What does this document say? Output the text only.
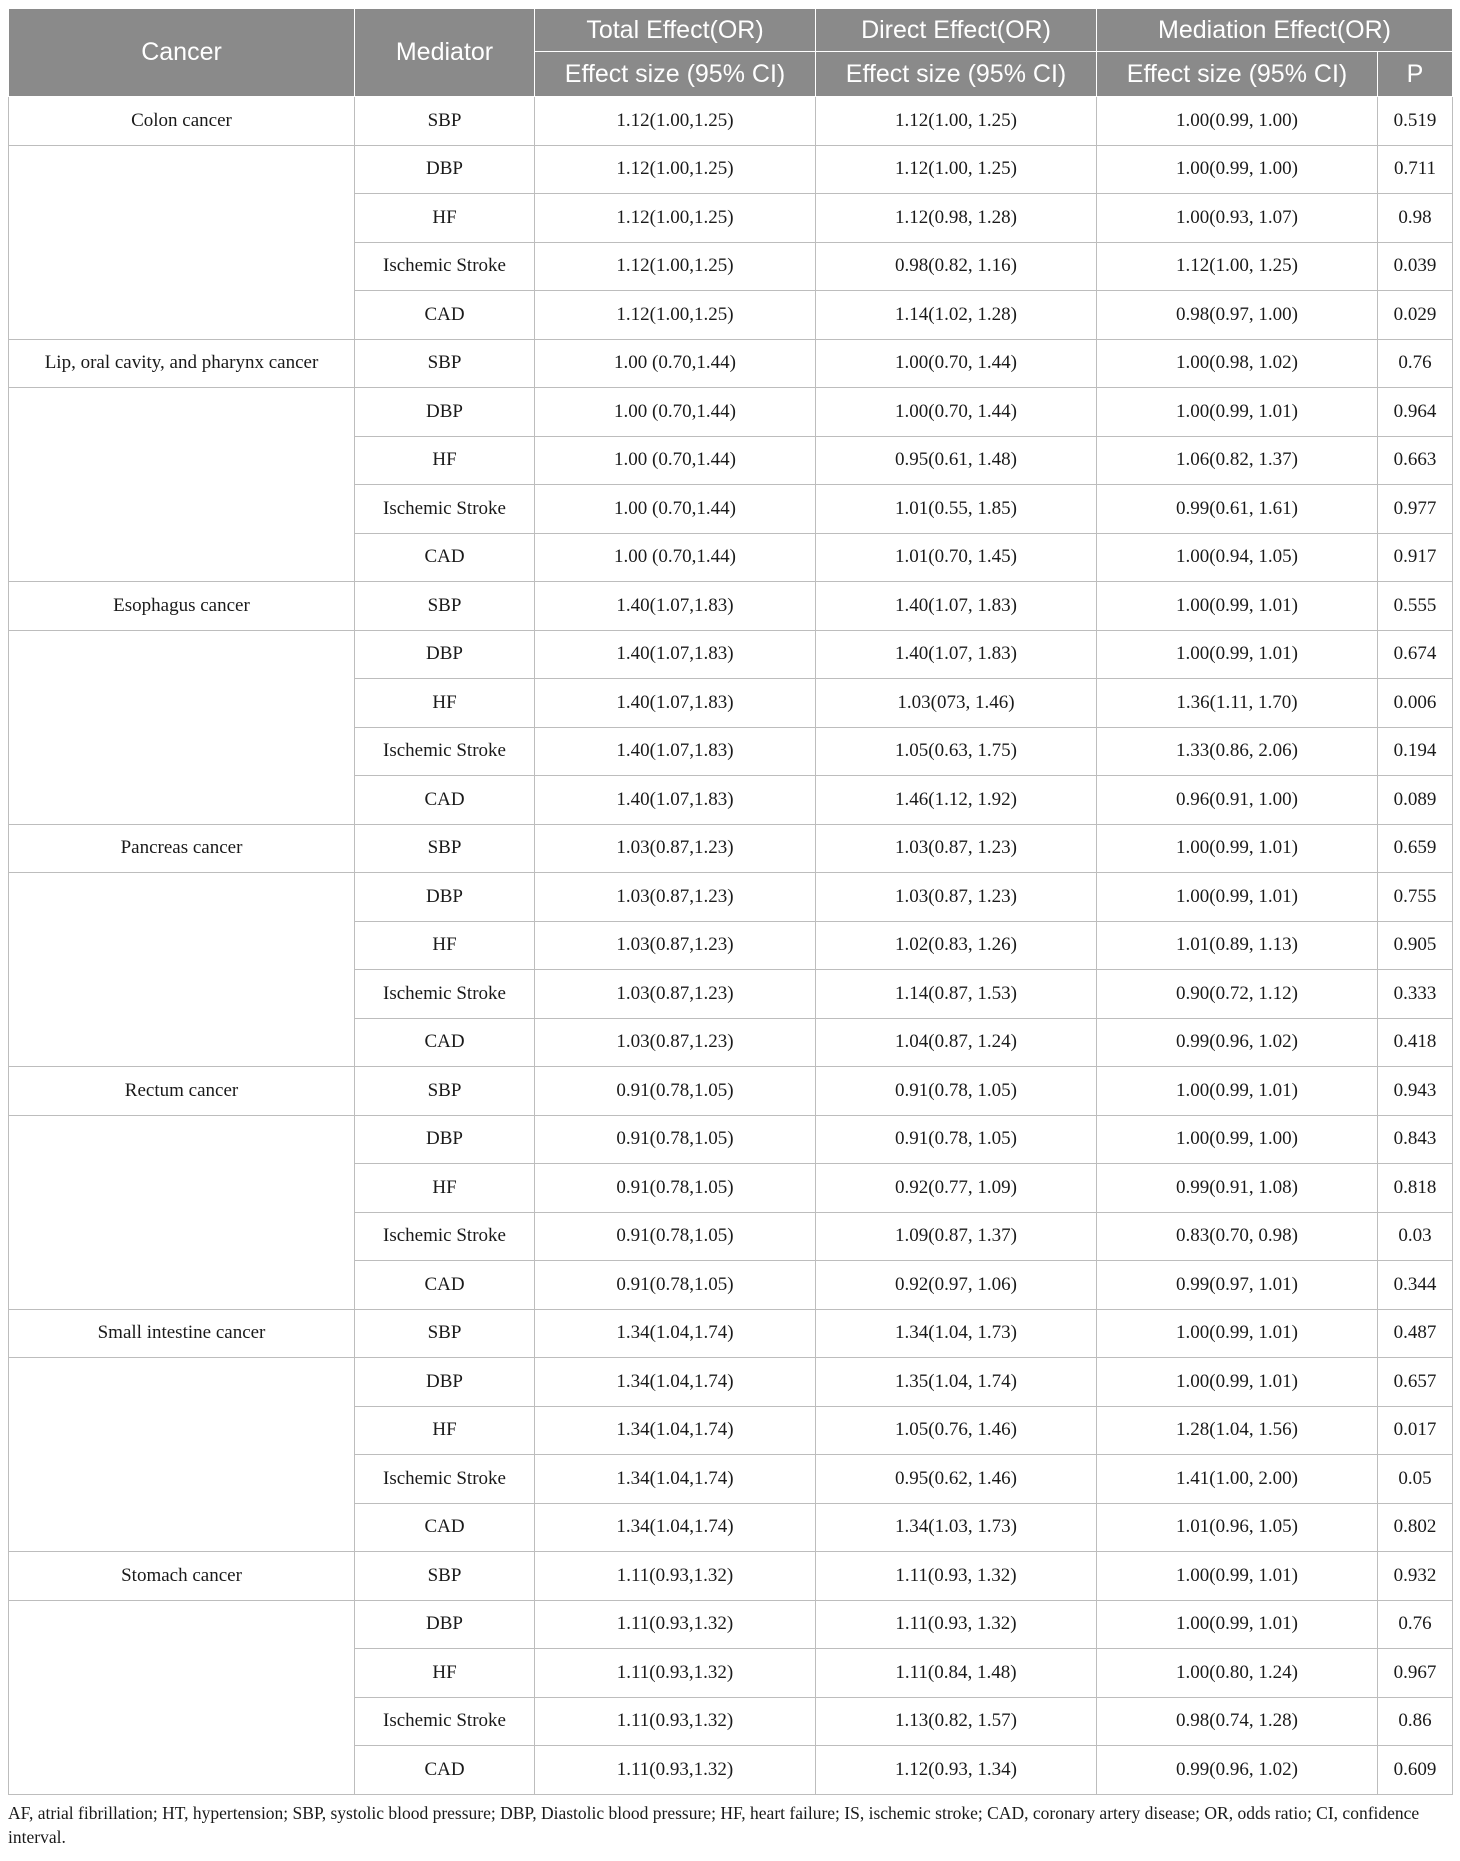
Cancer	Mediator	Total Effect(OR)	Direct Effect(OR)	Mediation Effect(OR)	
		Effect size (95% CI)	Effect size (95% CI)	Effect size (95% CI)	P
Colon cancer	SBP	1.12(1.00,1.25)	1.12(1.00, 1.25)	1.00(0.99, 1.00)	0.519
	DBP	1.12(1.00,1.25)	1.12(1.00, 1.25)	1.00(0.99, 1.00)	0.711
	HF	1.12(1.00,1.25)	1.12(0.98, 1.28)	1.00(0.93, 1.07)	0.98
	Ischemic Stroke	1.12(1.00,1.25)	0.98(0.82, 1.16)	1.12(1.00, 1.25)	0.039
	CAD	1.12(1.00,1.25)	1.14(1.02, 1.28)	0.98(0.97, 1.00)	0.029
Lip, oral cavity, and pharynx cancer	SBP	1.00 (0.70,1.44)	1.00(0.70, 1.44)	1.00(0.98, 1.02)	0.76
	DBP	1.00 (0.70,1.44)	1.00(0.70, 1.44)	1.00(0.99, 1.01)	0.964
	HF	1.00 (0.70,1.44)	0.95(0.61, 1.48)	1.06(0.82, 1.37)	0.663
	Ischemic Stroke	1.00 (0.70,1.44)	1.01(0.55, 1.85)	0.99(0.61, 1.61)	0.977
	CAD	1.00 (0.70,1.44)	1.01(0.70, 1.45)	1.00(0.94, 1.05)	0.917
Esophagus cancer	SBP	1.40(1.07,1.83)	1.40(1.07, 1.83)	1.00(0.99, 1.01)	0.555
	DBP	1.40(1.07,1.83)	1.40(1.07, 1.83)	1.00(0.99, 1.01)	0.674
	HF	1.40(1.07,1.83)	1.03(073, 1.46)	1.36(1.11, 1.70)	0.006
	Ischemic Stroke	1.40(1.07,1.83)	1.05(0.63, 1.75)	1.33(0.86, 2.06)	0.194
	CAD	1.40(1.07,1.83)	1.46(1.12, 1.92)	0.96(0.91, 1.00)	0.089
Pancreas cancer	SBP	1.03(0.87,1.23)	1.03(0.87, 1.23)	1.00(0.99, 1.01)	0.659
	DBP	1.03(0.87,1.23)	1.03(0.87, 1.23)	1.00(0.99, 1.01)	0.755
	HF	1.03(0.87,1.23)	1.02(0.83, 1.26)	1.01(0.89, 1.13)	0.905
	Ischemic Stroke	1.03(0.87,1.23)	1.14(0.87, 1.53)	0.90(0.72, 1.12)	0.333
	CAD	1.03(0.87,1.23)	1.04(0.87, 1.24)	0.99(0.96, 1.02)	0.418
Rectum cancer	SBP	0.91(0.78,1.05)	0.91(0.78, 1.05)	1.00(0.99, 1.01)	0.943
	DBP	0.91(0.78,1.05)	0.91(0.78, 1.05)	1.00(0.99, 1.00)	0.843
	HF	0.91(0.78,1.05)	0.92(0.77, 1.09)	0.99(0.91, 1.08)	0.818
	Ischemic Stroke	0.91(0.78,1.05)	1.09(0.87, 1.37)	0.83(0.70, 0.98)	0.03
	CAD	0.91(0.78,1.05)	0.92(0.97, 1.06)	0.99(0.97, 1.01)	0.344
Small intestine cancer	SBP	1.34(1.04,1.74)	1.34(1.04, 1.73)	1.00(0.99, 1.01)	0.487
	DBP	1.34(1.04,1.74)	1.35(1.04, 1.74)	1.00(0.99, 1.01)	0.657
	HF	1.34(1.04,1.74)	1.05(0.76, 1.46)	1.28(1.04, 1.56)	0.017
	Ischemic Stroke	1.34(1.04,1.74)	0.95(0.62, 1.46)	1.41(1.00, 2.00)	0.05
	CAD	1.34(1.04,1.74)	1.34(1.03, 1.73)	1.01(0.96, 1.05)	0.802
Stomach cancer	SBP	1.11(0.93,1.32)	1.11(0.93, 1.32)	1.00(0.99, 1.01)	0.932
	DBP	1.11(0.93,1.32)	1.11(0.93, 1.32)	1.00(0.99, 1.01)	0.76
	HF	1.11(0.93,1.32)	1.11(0.84, 1.48)	1.00(0.80, 1.24)	0.967
	Ischemic Stroke	1.11(0.93,1.32)	1.13(0.82, 1.57)	0.98(0.74, 1.28)	0.86
	CAD	1.11(0.93,1.32)	1.12(0.93, 1.34)	0.99(0.96, 1.02)	0.609
AF, atrial fibrillation; HT, hypertension; SBP, systolic blood pressure; DBP, Diastolic blood pressure; HF, heart failure; IS, ischemic stroke; CAD, coronary artery disease; OR, odds ratio; CI, confidence interval.
